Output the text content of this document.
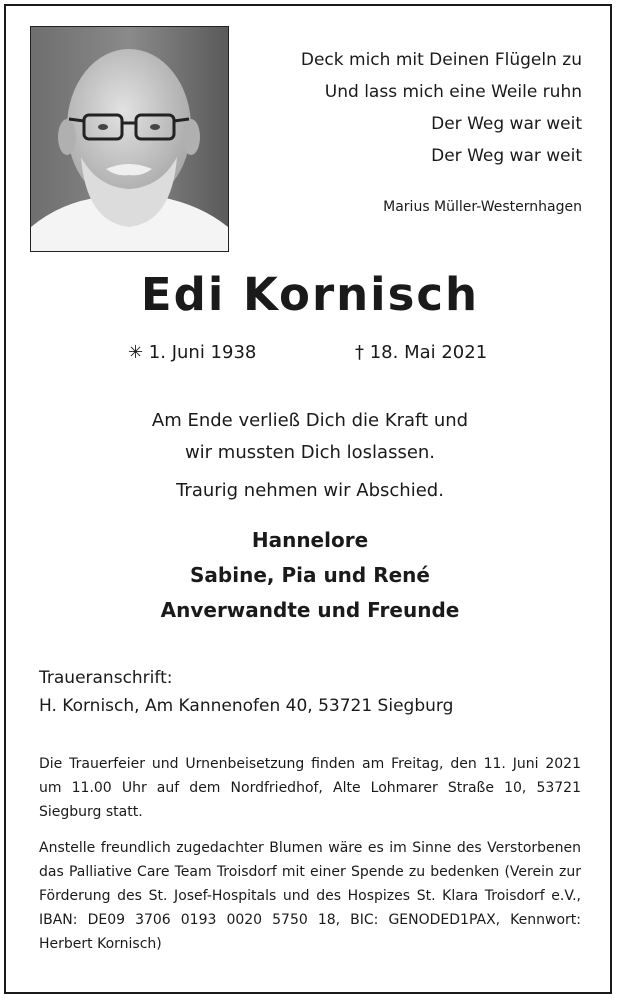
Deck mich mit Deinen Flügeln zu
Und lass mich eine Weile ruhn
Der Weg war weit
Der Weg war weit
Marius Müller-Westernhagen
Edi Kornisch
✳ 1. Juni 1938	† 18. Mai 2021
Am Ende verließ Dich die Kraft und
wir mussten Dich loslassen.
Traurig nehmen wir Abschied.
Hannelore
Sabine, Pia und René
Anverwandte und Freunde
Traueranschrift:
H. Kornisch, Am Kannenofen 40, 53721 Siegburg
Die Trauerfeier und Urnenbeisetzung finden am Freitag, den 11. Juni 2021 um 11.00 Uhr auf dem Nordfriedhof, Alte Lohmarer Straße 10, 53721 Siegburg statt.
Anstelle freundlich zugedachter Blumen wäre es im Sinne des Verstorbenen das Palliative Care Team Troisdorf mit einer Spende zu bedenken (Verein zur Förderung des St. Josef-Hospitals und des Hospizes St. Klara Troisdorf e.V., IBAN: DE09 3706 0193 0020 5750 18, BIC: GENODED1PAX, Kennwort: Herbert Kornisch)
